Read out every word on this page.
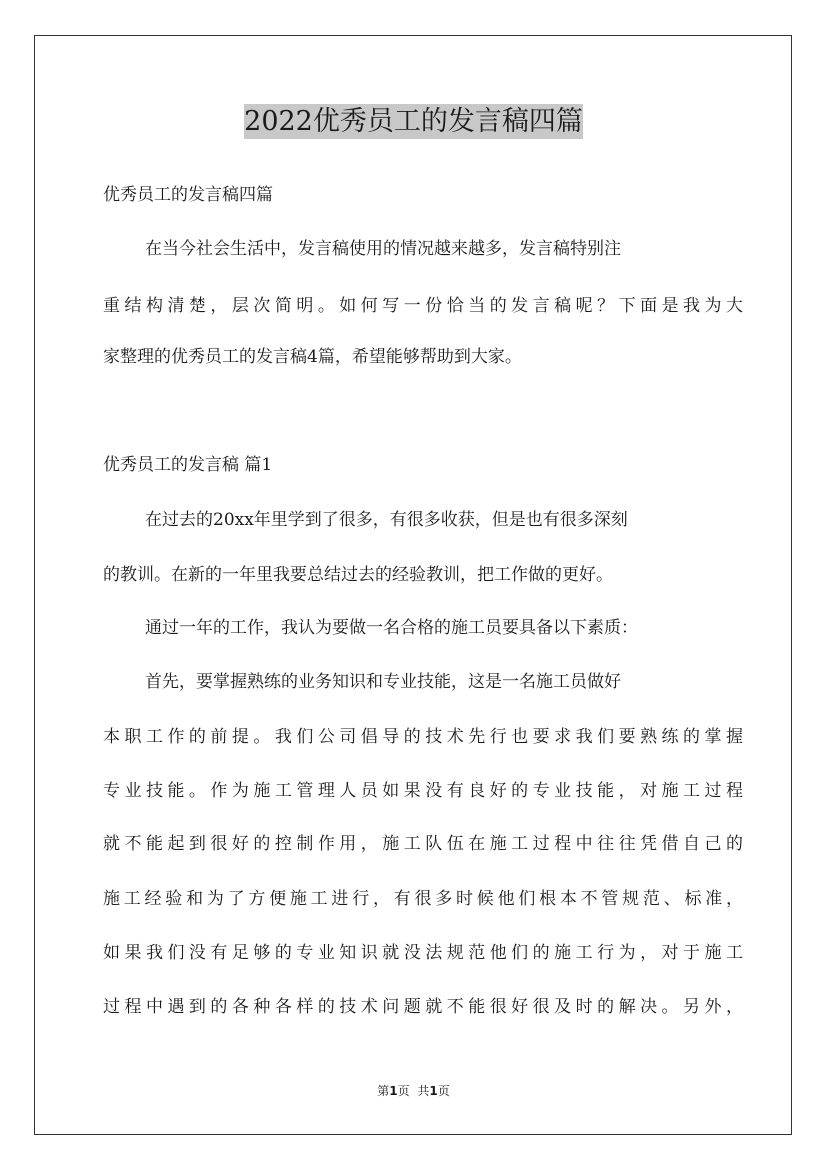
2022优秀员工的发言稿四篇

优秀员工的发言稿四篇

在当今社会生活中，发言稿使用的情况越来越多，发言稿特别注

重结构清楚，层次简明。如何写一份恰当的发言稿呢？下面是我为大

家整理的优秀员工的发言稿4篇，希望能够帮助到大家。

优秀员工的发言稿 篇1

在过去的20xx年里学到了很多，有很多收获，但是也有很多深刻

的教训。在新的一年里我要总结过去的经验教训，把工作做的更好。

通过一年的工作，我认为要做一名合格的施工员要具备以下素质：

首先，要掌握熟练的业务知识和专业技能，这是一名施工员做好

本职工作的前提。我们公司倡导的技术先行也要求我们要熟练的掌握

专业技能。作为施工管理人员如果没有良好的专业技能，对施工过程

就不能起到很好的控制作用，施工队伍在施工过程中往往凭借自己的

施工经验和为了方便施工进行，有很多时候他们根本不管规范、标准，

如果我们没有足够的专业知识就没法规范他们的施工行为，对于施工

过程中遇到的各种各样的技术问题就不能很好很及时的解决。另外，

第1页 共1页
